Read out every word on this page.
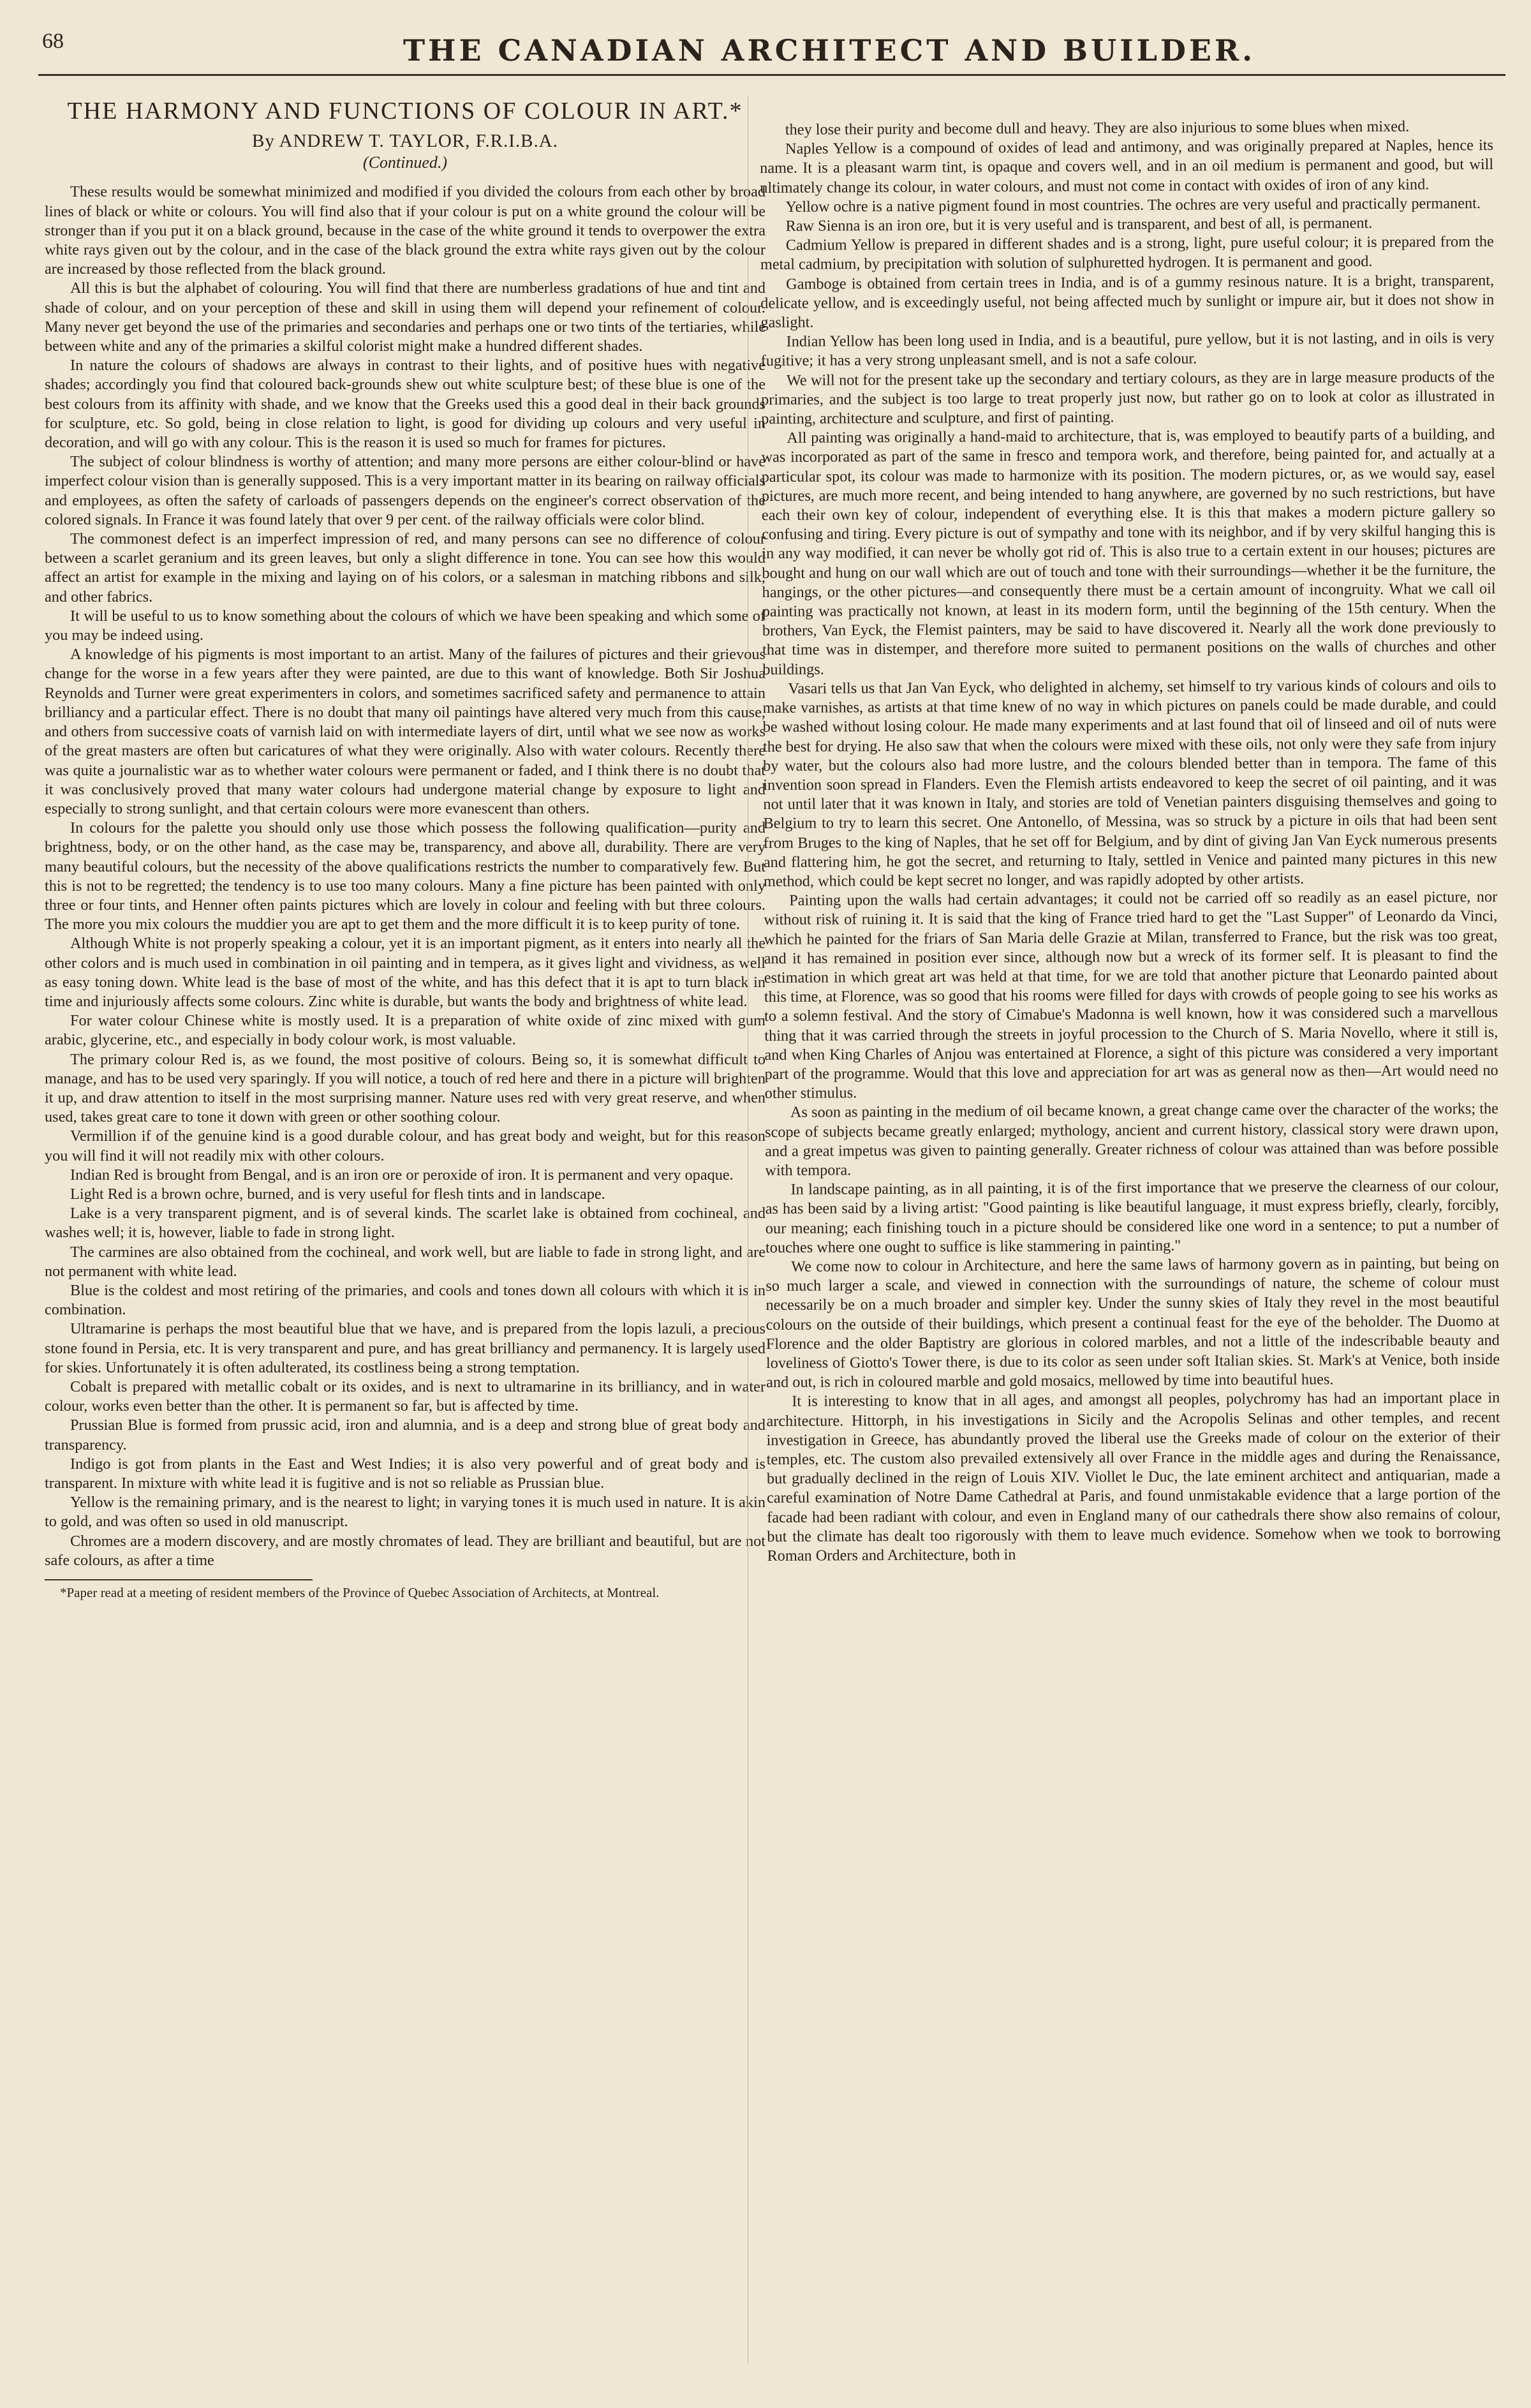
68	THE CANADIAN ARCHITECT AND BUILDER.
THE HARMONY AND FUNCTIONS OF COLOUR IN ART.*
By ANDREW T. TAYLOR, F.R.I.B.A.
(Continued.)

These results would be somewhat minimized and modified if you divided the colours from each other by broad lines of black or white or colours. You will find also that if your colour is put on a white ground the colour will be stronger than if you put it on a black ground, because in the case of the white ground it tends to overpower the extra white rays given out by the colour, and in the case of the black ground the extra white rays given out by the colour are increased by those reflected from the black ground.

All this is but the alphabet of colouring. You will find that there are numberless gradations of hue and tint and shade of colour, and on your perception of these and skill in using them will depend your refinement of colour. Many never get beyond the use of the primaries and secondaries and perhaps one or two tints of the tertiaries, while between white and any of the primaries a skilful colorist might make a hundred different shades.

In nature the colours of shadows are always in contrast to their lights, and of positive hues with negative shades; accordingly you find that coloured back-grounds shew out white sculpture best; of these blue is one of the best colours from its affinity with shade, and we know that the Greeks used this a good deal in their back grounds for sculpture, etc. So gold, being in close relation to light, is good for dividing up colours and very useful in decoration, and will go with any colour. This is the reason it is used so much for frames for pictures.

The subject of colour blindness is worthy of attention; and many more persons are either colour-blind or have imperfect colour vision than is generally supposed. This is a very important matter in its bearing on railway officials and employees, as often the safety of carloads of passengers depends on the engineer's correct observation of the colored signals. In France it was found lately that over 9 per cent. of the railway officials were color blind.

The commonest defect is an imperfect impression of red, and many persons can see no difference of colour between a scarlet geranium and its green leaves, but only a slight difference in tone. You can see how this would affect an artist for example in the mixing and laying on of his colors, or a salesman in matching ribbons and silk, and other fabrics.

It will be useful to us to know something about the colours of which we have been speaking and which some of you may be indeed using.

A knowledge of his pigments is most important to an artist. Many of the failures of pictures and their grievous change for the worse in a few years after they were painted, are due to this want of knowledge. Both Sir Joshua Reynolds and Turner were great experimenters in colors, and sometimes sacrificed safety and permanence to attain brilliancy and a particular effect. There is no doubt that many oil paintings have altered very much from this cause, and others from successive coats of varnish laid on with intermediate layers of dirt, until what we see now as works of the great masters are often but caricatures of what they were originally. Also with water colours. Recently there was quite a journalistic war as to whether water colours were permanent or faded, and I think there is no doubt that it was conclusively proved that many water colours had undergone material change by exposure to light and especially to strong sunlight, and that certain colours were more evanescent than others.

In colours for the palette you should only use those which possess the following qualification—purity and brightness, body, or on the other hand, as the case may be, transparency, and above all, durability. There are very many beautiful colours, but the necessity of the above qualifications restricts the number to comparatively few. But this is not to be regretted; the tendency is to use too many colours. Many a fine picture has been painted with only three or four tints, and Henner often paints pictures which are lovely in colour and feeling with but three colours. The more you mix colours the muddier you are apt to get them and the more difficult it is to keep purity of tone.

Although White is not properly speaking a colour, yet it is an important pigment, as it enters into nearly all the other colors and is much used in combination in oil painting and in tempera, as it gives light and vividness, as well as easy toning down. White lead is the base of most of the white, and has this defect that it is apt to turn black in time and injuriously affects some colours. Zinc white is durable, but wants the body and brightness of white lead.

For water colour Chinese white is mostly used. It is a preparation of white oxide of zinc mixed with gum arabic, glycerine, etc., and especially in body colour work, is most valuable.

The primary colour Red is, as we found, the most positive of colours. Being so, it is somewhat difficult to manage, and has to be used very sparingly. If you will notice, a touch of red here and there in a picture will brighten it up, and draw attention to itself in the most surprising manner. Nature uses red with very great reserve, and when used, takes great care to tone it down with green or other soothing colour.

Vermillion if of the genuine kind is a good durable colour, and has great body and weight, but for this reason you will find it will not readily mix with other colours.

Indian Red is brought from Bengal, and is an iron ore or peroxide of iron. It is permanent and very opaque.

Light Red is a brown ochre, burned, and is very useful for flesh tints and in landscape.

Lake is a very transparent pigment, and is of several kinds. The scarlet lake is obtained from cochineal, and washes well; it is, however, liable to fade in strong light.

The carmines are also obtained from the cochineal, and work well, but are liable to fade in strong light, and are not permanent with white lead.

Blue is the coldest and most retiring of the primaries, and cools and tones down all colours with which it is in combination.

Ultramarine is perhaps the most beautiful blue that we have, and is prepared from the lopis lazuli, a precious stone found in Persia, etc. It is very transparent and pure, and has great brilliancy and permanency. It is largely used for skies. Unfortunately it is often adulterated, its costliness being a strong temptation.

Cobalt is prepared with metallic cobalt or its oxides, and is next to ultramarine in its brilliancy, and in water colour, works even better than the other. It is permanent so far, but is affected by time.

Prussian Blue is formed from prussic acid, iron and alumnia, and is a deep and strong blue of great body and transparency.

Indigo is got from plants in the East and West Indies; it is also very powerful and of great body and is transparent. In mixture with white lead it is fugitive and is not so reliable as Prussian blue.

Yellow is the remaining primary, and is the nearest to light; in varying tones it is much used in nature. It is akin to gold, and was often so used in old manuscript.

Chromes are a modern discovery, and are mostly chromates of lead. They are brilliant and beautiful, but are not safe colours, as after a time

*Paper read at a meeting of resident members of the Province of Quebec Association of Architects, at Montreal.

they lose their purity and become dull and heavy. They are also injurious to some blues when mixed.

Naples Yellow is a compound of oxides of lead and antimony, and was originally prepared at Naples, hence its name. It is a pleasant warm tint, is opaque and covers well, and in an oil medium is permanent and good, but will ultimately change its colour, in water colours, and must not come in contact with oxides of iron of any kind.

Yellow ochre is a native pigment found in most countries. The ochres are very useful and practically permanent.

Raw Sienna is an iron ore, but it is very useful and is transparent, and best of all, is permanent.

Cadmium Yellow is prepared in different shades and is a strong, light, pure useful colour; it is prepared from the metal cadmium, by precipitation with solution of sulphuretted hydrogen. It is permanent and good.

Gamboge is obtained from certain trees in India, and is of a gummy resinous nature. It is a bright, transparent, delicate yellow, and is exceedingly useful, not being affected much by sunlight or impure air, but it does not show in gaslight.

Indian Yellow has been long used in India, and is a beautiful, pure yellow, but it is not lasting, and in oils is very fugitive; it has a very strong unpleasant smell, and is not a safe colour.

We will not for the present take up the secondary and tertiary colours, as they are in large measure products of the primaries, and the subject is too large to treat properly just now, but rather go on to look at color as illustrated in painting, architecture and sculpture, and first of painting.

All painting was originally a hand-maid to architecture, that is, was employed to beautify parts of a building, and was incorporated as part of the same in fresco and tempora work, and therefore, being painted for, and actually at a particular spot, its colour was made to harmonize with its position. The modern pictures, or, as we would say, easel pictures, are much more recent, and being intended to hang anywhere, are governed by no such restrictions, but have each their own key of colour, independent of everything else. It is this that makes a modern picture gallery so confusing and tiring. Every picture is out of sympathy and tone with its neighbor, and if by very skilful hanging this is in any way modified, it can never be wholly got rid of. This is also true to a certain extent in our houses; pictures are bought and hung on our wall which are out of touch and tone with their surroundings—whether it be the furniture, the hangings, or the other pictures—and consequently there must be a certain amount of incongruity. What we call oil painting was practically not known, at least in its modern form, until the beginning of the 15th century. When the brothers, Van Eyck, the Flemist painters, may be said to have discovered it. Nearly all the work done previously to that time was in distemper, and therefore more suited to permanent positions on the walls of churches and other buildings.

Vasari tells us that Jan Van Eyck, who delighted in alchemy, set himself to try various kinds of colours and oils to make varnishes, as artists at that time knew of no way in which pictures on panels could be made durable, and could be washed without losing colour. He made many experiments and at last found that oil of linseed and oil of nuts were the best for drying. He also saw that when the colours were mixed with these oils, not only were they safe from injury by water, but the colours also had more lustre, and the colours blended better than in tempora. The fame of this invention soon spread in Flanders. Even the Flemish artists endeavored to keep the secret of oil painting, and it was not until later that it was known in Italy, and stories are told of Venetian painters disguising themselves and going to Belgium to try to learn this secret. One Antonello, of Messina, was so struck by a picture in oils that had been sent from Bruges to the king of Naples, that he set off for Belgium, and by dint of giving Jan Van Eyck numerous presents and flattering him, he got the secret, and returning to Italy, settled in Venice and painted many pictures in this new method, which could be kept secret no longer, and was rapidly adopted by other artists.

Painting upon the walls had certain advantages; it could not be carried off so readily as an easel picture, nor without risk of ruining it. It is said that the king of France tried hard to get the "Last Supper" of Leonardo da Vinci, which he painted for the friars of San Maria delle Grazie at Milan, transferred to France, but the risk was too great, and it has remained in position ever since, although now but a wreck of its former self. It is pleasant to find the estimation in which great art was held at that time, for we are told that another picture that Leonardo painted about this time, at Florence, was so good that his rooms were filled for days with crowds of people going to see his works as to a solemn festival. And the story of Cimabue's Madonna is well known, how it was considered such a marvellous thing that it was carried through the streets in joyful procession to the Church of S. Maria Novello, where it still is, and when King Charles of Anjou was entertained at Florence, a sight of this picture was considered a very important part of the programme. Would that this love and appreciation for art was as general now as then—Art would need no other stimulus.

As soon as painting in the medium of oil became known, a great change came over the character of the works; the scope of subjects became greatly enlarged; mythology, ancient and current history, classical story were drawn upon, and a great impetus was given to painting generally. Greater richness of colour was attained than was before possible with tempora.

In landscape painting, as in all painting, it is of the first importance that we preserve the clearness of our colour, as has been said by a living artist: "Good painting is like beautiful language, it must express briefly, clearly, forcibly, our meaning; each finishing touch in a picture should be considered like one word in a sentence; to put a number of touches where one ought to suffice is like stammering in painting."

We come now to colour in Architecture, and here the same laws of harmony govern as in painting, but being on so much larger a scale, and viewed in connection with the surroundings of nature, the scheme of colour must necessarily be on a much broader and simpler key. Under the sunny skies of Italy they revel in the most beautiful colours on the outside of their buildings, which present a continual feast for the eye of the beholder. The Duomo at Florence and the older Baptistry are glorious in colored marbles, and not a little of the indescribable beauty and loveliness of Giotto's Tower there, is due to its color as seen under soft Italian skies. St. Mark's at Venice, both inside and out, is rich in coloured marble and gold mosaics, mellowed by time into beautiful hues.

It is interesting to know that in all ages, and amongst all peoples, polychromy has had an important place in architecture. Hittorph, in his investigations in Sicily and the Acropolis Selinas and other temples, and recent investigation in Greece, has abundantly proved the liberal use the Greeks made of colour on the exterior of their temples, etc. The custom also prevailed extensively all over France in the middle ages and during the Renaissance, but gradually declined in the reign of Louis XIV. Viollet le Duc, the late eminent architect and antiquarian, made a careful examination of Notre Dame Cathedral at Paris, and found unmistakable evidence that a large portion of the facade had been radiant with colour, and even in England many of our cathedrals there show also remains of colour, but the climate has dealt too rigorously with them to leave much evidence. Somehow when we took to borrowing Roman Orders and Architecture, both in
